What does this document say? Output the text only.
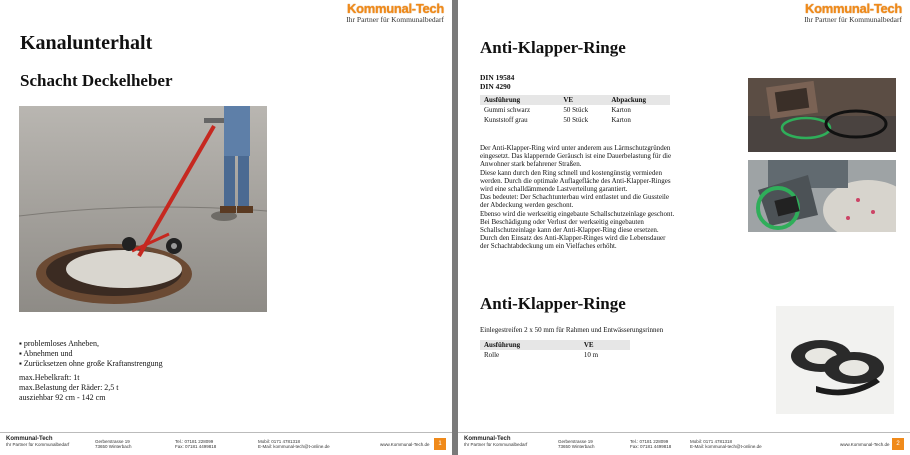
Kommunal-Tech
Ihr Partner für Kommunalbedarf
Kanalunterhalt
Schacht Deckelheber
▪ problemloses Anheben,
▪ Abnehmen und
▪ Zurücksetzen ohne große Kraftanstrengung
max.Hebelkraft: 1t
max.Belastung der Räder: 2,5 t
ausziehbar 92 cm - 142 cm
Kommunal-Tech
Ihr Partner für Kommunalbedarf
Gerberstrasse 19
73650 Winterbach
Tel.: 07181 228099
Fax: 07181 4499818
Mobil: 0171 4781318
E-Mail: kommunal-tech@t-online.de	www.Kommunal-Tech.de	1
Kommunal-Tech
Ihr Partner für Kommunalbedarf
Anti-Klapper-Ringe
DIN 19584
DIN 4290
Ausführung	VE	Abpackung
Gummi schwarz	50 Stück	Karton
Kunststoff grau	50 Stück	Karton
Der Anti-Klapper-Ring wird unter anderem aus Lärmschutzgründen
eingesetzt. Das klappernde Geräusch ist eine Dauerbelastung für die
Anwohner stark befahrener Straßen.
Diese kann durch den Ring schnell und kostengünstig vermieden
werden. Durch die optimale Auflagefläche des Anti-Klapper-Ringes
wird eine schalldämmende Lastverteilung garantiert.
Das bedeutet: Der Schachtunterbau wird entlastet und die Gussteile
der Abdeckung werden geschont.
Ebenso wird die werkseitig eingebaute Schallschutzeinlage geschont.
Bei Beschädigung oder Verlust der werkseitig eingebauten
Schallschutzeinlage kann der Anti-Klapper-Ring diese ersetzen.
Durch den Einsatz des Anti-Klapper-Ringes wird die Lebensdauer
der Schachtabdeckung um ein Vielfaches erhöht.
Anti-Klapper-Ringe
Einlegestreifen 2 x 50 mm für Rahmen und Entwässerungsrinnen
Ausführung	VE
Rolle	10 m
Kommunal-Tech
Ihr Partner für Kommunalbedarf
Gerberstrasse 19
73650 Winterbach
Tel.: 07181 228099
Fax: 07181 4499818
Mobil: 0171 4781318
E-Mail: kommunal-tech@t-online.de	www.Kommunal-Tech.de	2
